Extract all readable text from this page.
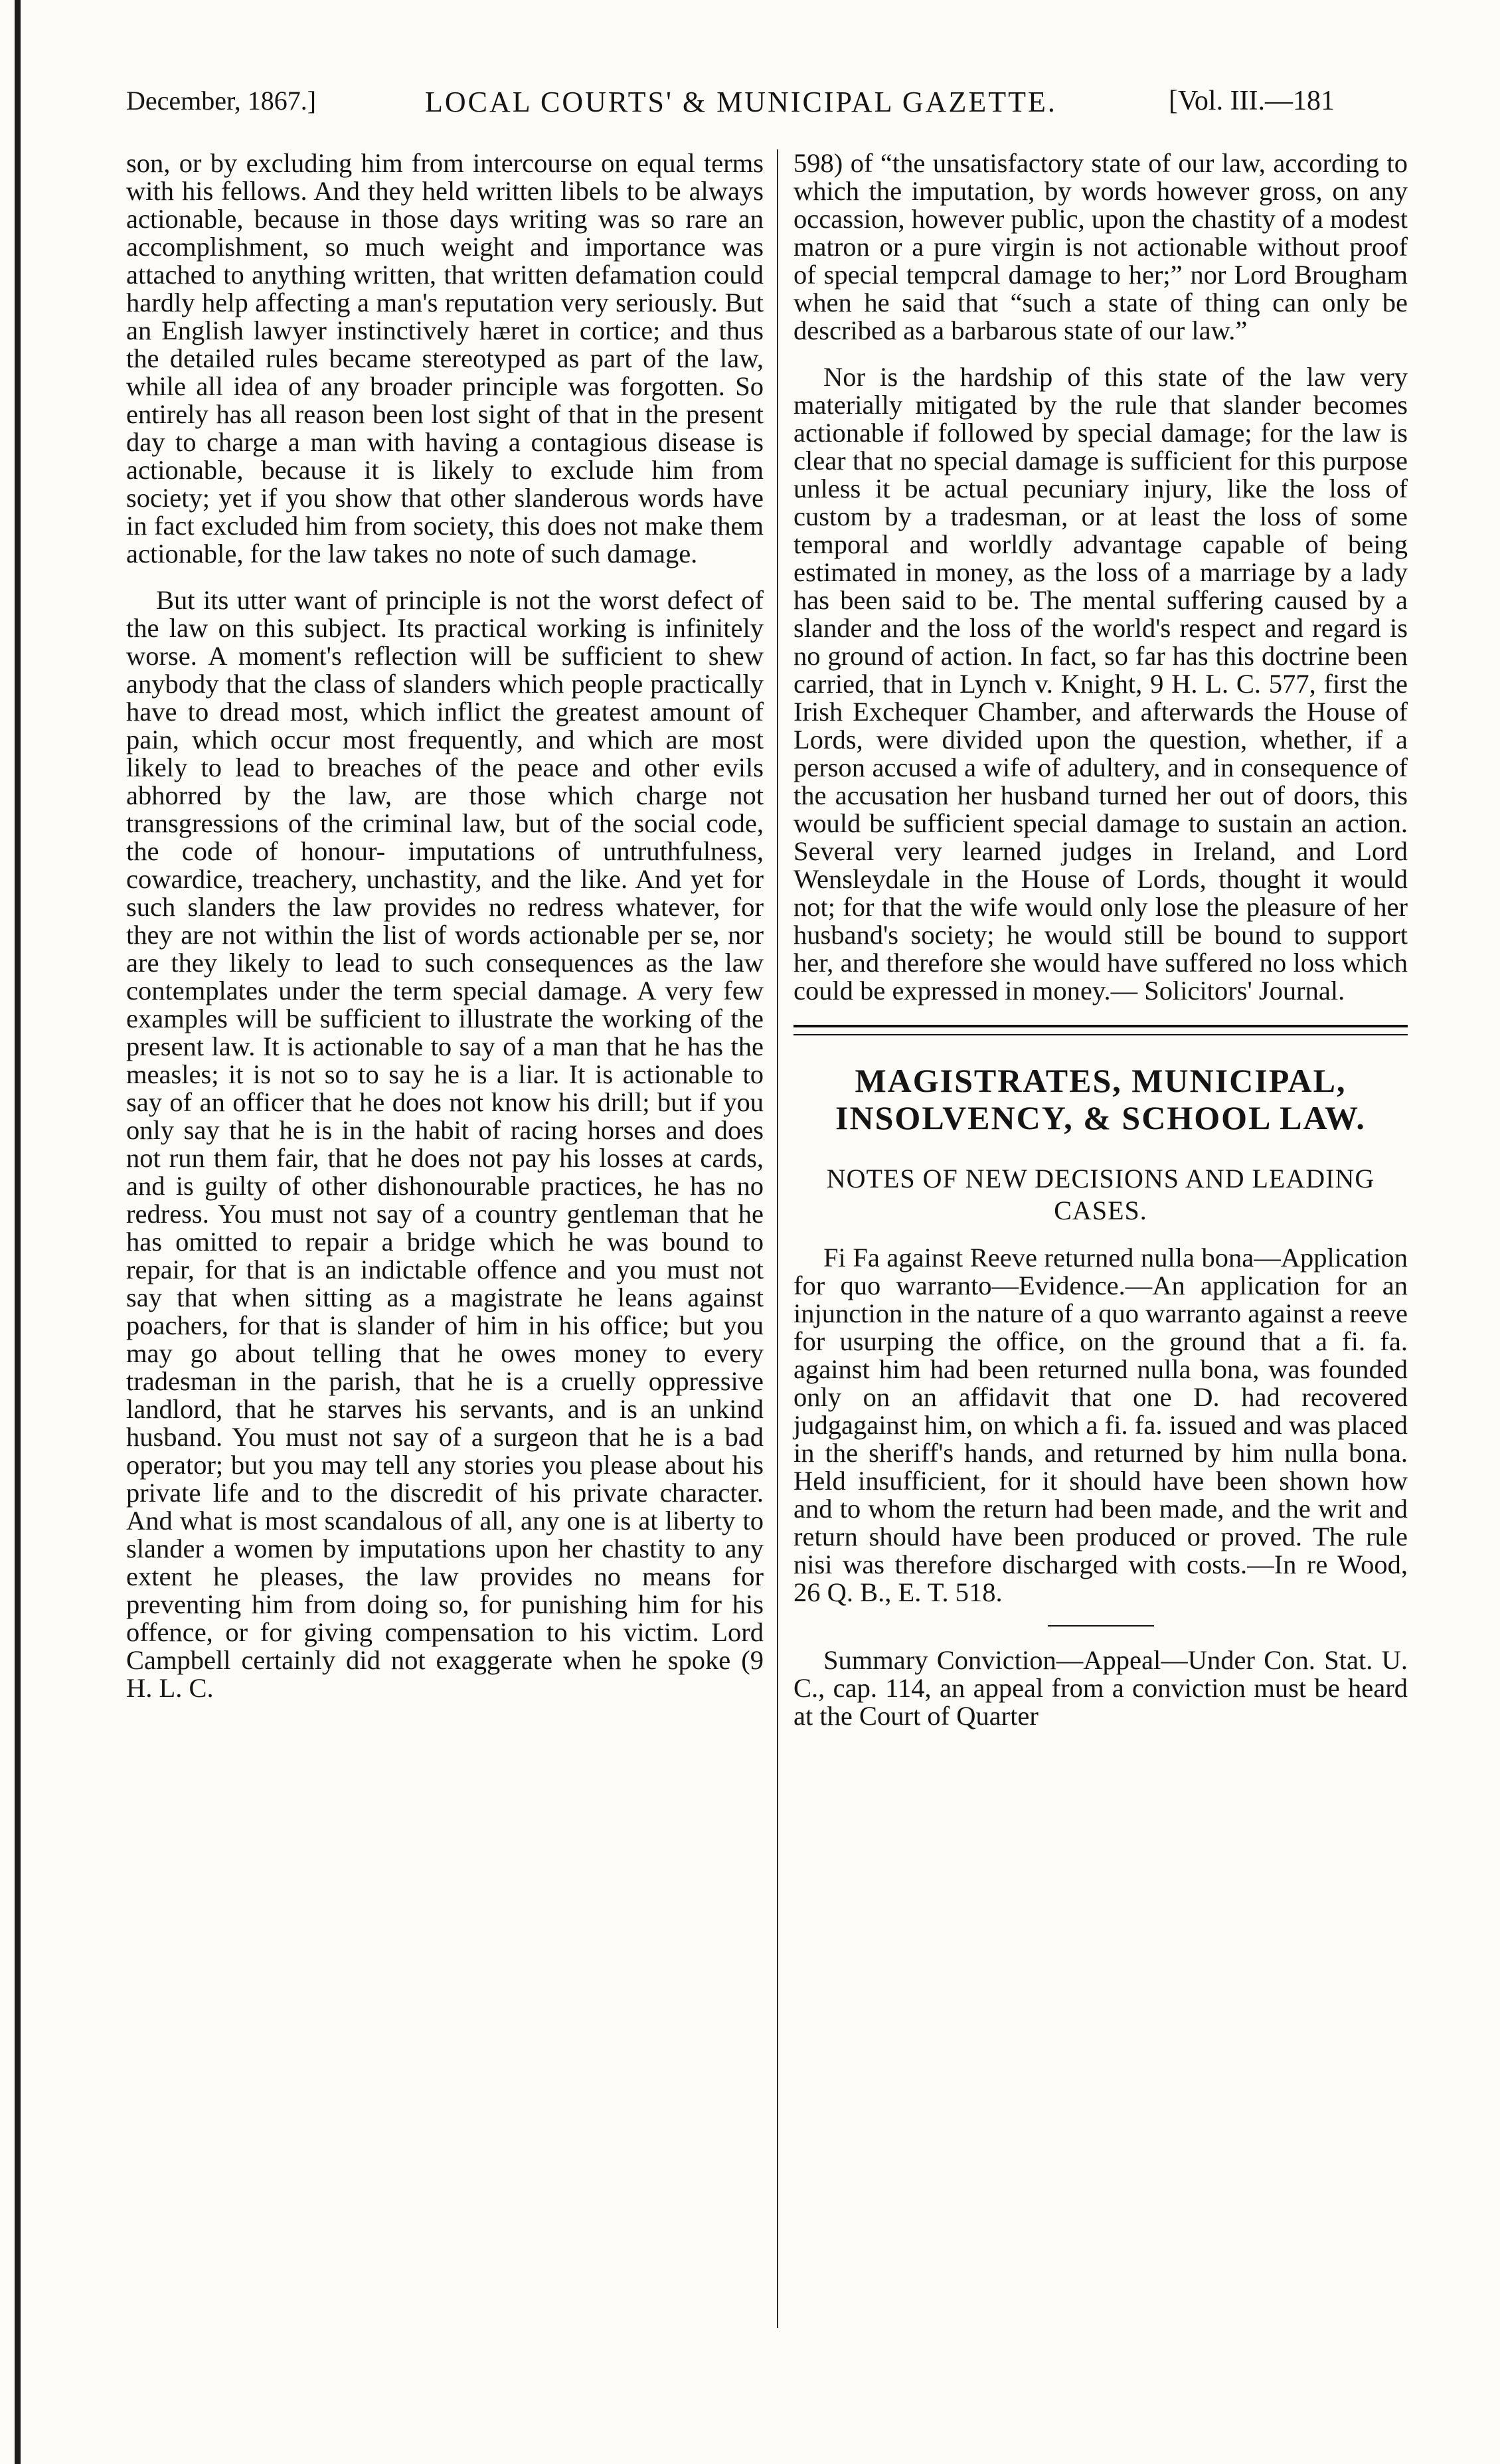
December, 1867.]	LOCAL COURTS' & MUNICIPAL GAZETTE.	[Vol. III.—181

son, or by excluding him from intercourse on equal terms with his fellows. And they held written libels to be always actionable, because in those days writing was so rare an accomplishment, so much weight and importance was attached to anything written, that written defamation could hardly help affecting a man's reputation very seriously. But an English lawyer instinctively hæret in cortice; and thus the detailed rules became stereotyped as part of the law, while all idea of any broader principle was forgotten. So entirely has all reason been lost sight of that in the present day to charge a man with having a contagious disease is actionable, because it is likely to exclude him from society; yet if you show that other slanderous words have in fact excluded him from society, this does not make them actionable, for the law takes no note of such damage.

But its utter want of principle is not the worst defect of the law on this subject. Its practical working is infinitely worse. A moment's reflection will be sufficient to shew anybody that the class of slanders which people practically have to dread most, which inflict the greatest amount of pain, which occur most frequently, and which are most likely to lead to breaches of the peace and other evils abhorred by the law, are those which charge not transgressions of the criminal law, but of the social code, the code of honour- imputations of untruthfulness, cowardice, treachery, unchastity, and the like. And yet for such slanders the law provides no redress whatever, for they are not within the list of words actionable per se, nor are they likely to lead to such consequences as the law contemplates under the term special damage. A very few examples will be sufficient to illustrate the working of the present law. It is actionable to say of a man that he has the measles; it is not so to say he is a liar. It is actionable to say of an officer that he does not know his drill; but if you only say that he is in the habit of racing horses and does not run them fair, that he does not pay his losses at cards, and is guilty of other dishonourable practices, he has no redress. You must not say of a country gentleman that he has omitted to repair a bridge which he was bound to repair, for that is an indictable offence and you must not say that when sitting as a magistrate he leans against poachers, for that is slander of him in his office; but you may go about telling that he owes money to every tradesman in the parish, that he is a cruelly oppressive landlord, that he starves his servants, and is an unkind husband. You must not say of a surgeon that he is a bad operator; but you may tell any stories you please about his private life and to the discredit of his private character. And what is most scandalous of all, any one is at liberty to slander a women by imputations upon her chastity to any extent he pleases, the law provides no means for preventing him from doing so, for punishing him for his offence, or for giving compensation to his victim. Lord Campbell certainly did not exaggerate when he spoke (9 H. L. C.

598) of “the unsatisfactory state of our law, according to which the imputation, by words however gross, on any occassion, however public, upon the chastity of a modest matron or a pure virgin is not actionable without proof of special tempcral damage to her;” nor Lord Brougham when he said that “such a state of thing can only be described as a barbarous state of our law.”

Nor is the hardship of this state of the law very materially mitigated by the rule that slander becomes actionable if followed by special damage; for the law is clear that no special damage is sufficient for this purpose unless it be actual pecuniary injury, like the loss of custom by a tradesman, or at least the loss of some temporal and worldly advantage capable of being estimated in money, as the loss of a marriage by a lady has been said to be. The mental suffering caused by a slander and the loss of the world's respect and regard is no ground of action. In fact, so far has this doctrine been carried, that in Lynch v. Knight, 9 H. L. C. 577, first the Irish Exchequer Chamber, and afterwards the House of Lords, were divided upon the question, whether, if a person accused a wife of adultery, and in consequence of the accusation her husband turned her out of doors, this would be sufficient special damage to sustain an action. Several very learned judges in Ireland, and Lord Wensleydale in the House of Lords, thought it would not; for that the wife would only lose the pleasure of her husband's society; he would still be bound to support her, and therefore she would have suffered no loss which could be expressed in money.— Solicitors' Journal.

MAGISTRATES, MUNICIPAL, INSOLVENCY, & SCHOOL LAW.
NOTES OF NEW DECISIONS AND LEADING CASES.

Fi Fa against Reeve returned nulla bona—Application for quo warranto—Evidence.—An application for an injunction in the nature of a quo warranto against a reeve for usurping the office, on the ground that a fi. fa. against him had been returned nulla bona, was founded only on an affidavit that one D. had recovered judgagainst him, on which a fi. fa. issued and was placed in the sheriff's hands, and returned by him nulla bona. Held insufficient, for it should have been shown how and to whom the return had been made, and the writ and return should have been produced or proved. The rule nisi was therefore discharged with costs.—In re Wood, 26 Q. B., E. T. 518.

Summary Conviction—Appeal—Under Con. Stat. U. C., cap. 114, an appeal from a conviction must be heard at the Court of Quarter
